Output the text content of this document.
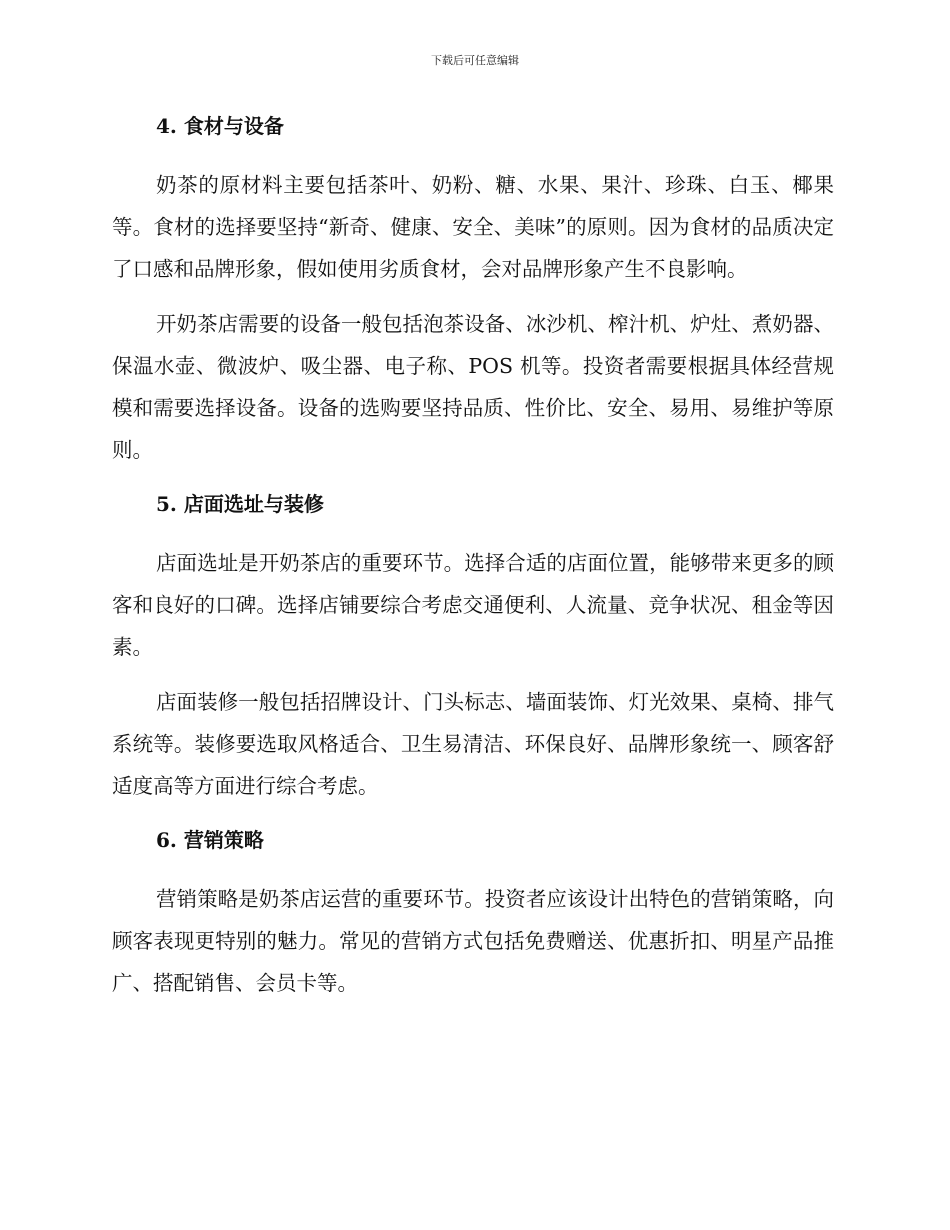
下载后可任意编辑
4. 食材与设备

奶茶的原材料主要包括茶叶、奶粉、糖、水果、果汁、珍珠、白玉、椰果等。食材的选择要坚持“新奇、健康、安全、美味”的原则。因为食材的品质决定了口感和品牌形象，假如使用劣质食材，会对品牌形象产生不良影响。

开奶茶店需要的设备一般包括泡茶设备、冰沙机、榨汁机、炉灶、煮奶器、保温水壶、微波炉、吸尘器、电子称、POS 机等。投资者需要根据具体经营规模和需要选择设备。设备的选购要坚持品质、性价比、安全、易用、易维护等原则。

5. 店面选址与装修

店面选址是开奶茶店的重要环节。选择合适的店面位置，能够带来更多的顾客和良好的口碑。选择店铺要综合考虑交通便利、人流量、竞争状况、租金等因素。

店面装修一般包括招牌设计、门头标志、墙面装饰、灯光效果、桌椅、排气系统等。装修要选取风格适合、卫生易清洁、环保良好、品牌形象统一、顾客舒适度高等方面进行综合考虑。

6. 营销策略

营销策略是奶茶店运营的重要环节。投资者应该设计出特色的营销策略，向顾客表现更特别的魅力。常见的营销方式包括免费赠送、优惠折扣、明星产品推广、搭配销售、会员卡等。
